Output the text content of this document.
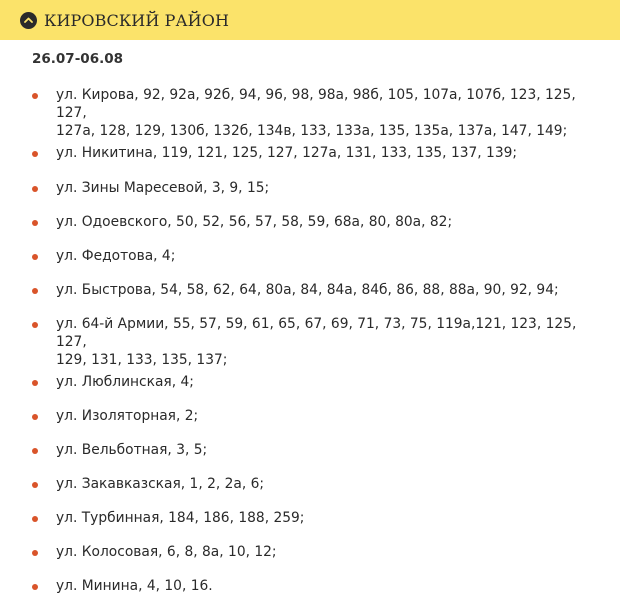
КИРОВСКИЙ РАЙОН
26.07-06.08
ул. Кирова, 92, 92а, 92б, 94, 96, 98, 98а, 98б, 105, 107а, 107б, 123, 125, 127,
127а, 128, 129, 130б, 132б, 134в, 133, 133а, 135, 135а, 137а, 147, 149;
ул. Никитина, 119, 121, 125, 127, 127а, 131, 133, 135, 137, 139;
ул. Зины Маресевой, 3, 9, 15;
ул. Одоевского, 50, 52, 56, 57, 58, 59, 68а, 80, 80а, 82;
ул. Федотова, 4;
ул. Быстрова, 54, 58, 62, 64, 80а, 84, 84а, 84б, 86, 88, 88а, 90, 92, 94;
ул. 64-й Армии, 55, 57, 59, 61, 65, 67, 69, 71, 73, 75, 119а,121, 123, 125, 127,
129, 131, 133, 135, 137;
ул. Люблинская, 4;
ул. Изоляторная, 2;
ул. Вельботная, 3, 5;
ул. Закавказская, 1, 2, 2а, 6;
ул. Турбинная, 184, 186, 188, 259;
ул. Колосовая, 6, 8, 8а, 10, 12;
ул. Минина, 4, 10, 16.
